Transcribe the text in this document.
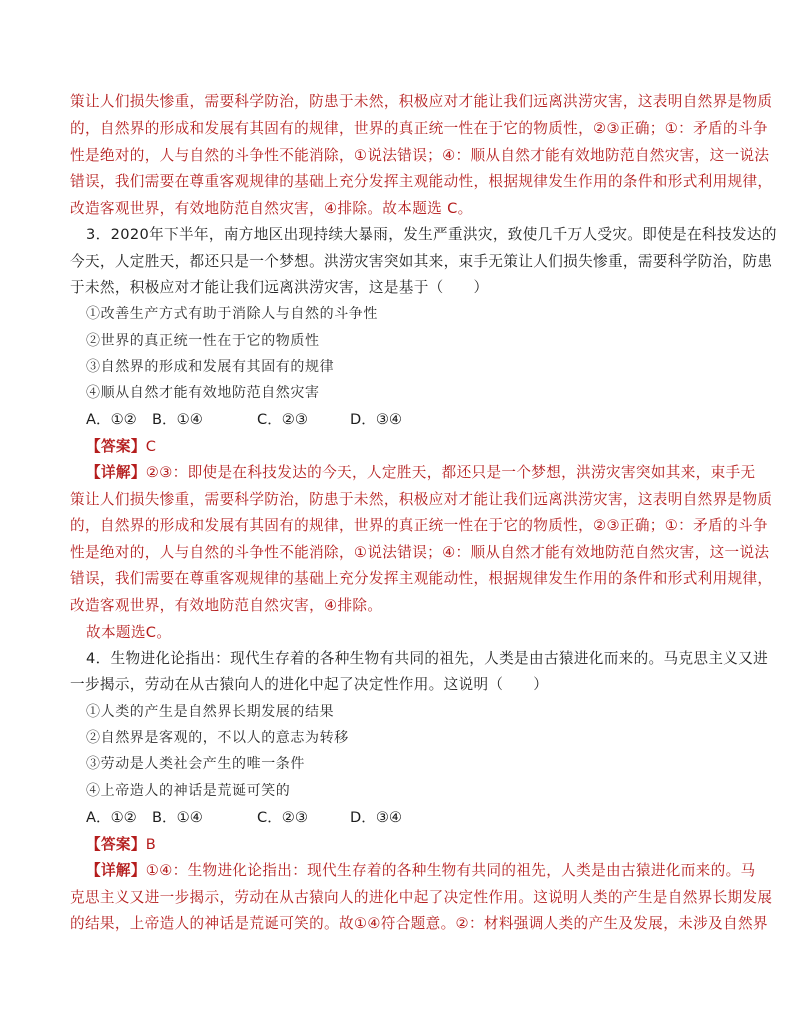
策让人们损失惨重，需要科学防治，防患于未然，积极应对才能让我们远离洪涝灾害，这表明自然界是物质
的，自然界的形成和发展有其固有的规律，世界的真正统一性在于它的物质性，②③正确；①：矛盾的斗争
性是绝对的，人与自然的斗争性不能消除，①说法错误；④：顺从自然才能有效地防范自然灾害，这一说法
错误，我们需要在尊重客观规律的基础上充分发挥主观能动性，根据规律发生作用的条件和形式利用规律，
改造客观世界，有效地防范自然灾害，④排除。故本题选 C。
3．2020年下半年，南方地区出现持续大暴雨，发生严重洪灾，致使几千万人受灾。即使是在科技发达的
今天，人定胜天，都还只是一个梦想。洪涝灾害突如其来，束手无策让人们损失惨重，需要科学防治，防患
于未然，积极应对才能让我们远离洪涝灾害，这是基于（　　）
①改善生产方式有助于消除人与自然的斗争性
②世界的真正统一性在于它的物质性
③自然界的形成和发展有其固有的规律
④顺从自然才能有效地防范自然灾害
A．①② B．①④	C．②③	D．③④
【答案】C
【详解】②③：即使是在科技发达的今天，人定胜天，都还只是一个梦想，洪涝灾害突如其来，束手无
策让人们损失惨重，需要科学防治，防患于未然，积极应对才能让我们远离洪涝灾害，这表明自然界是物质
的，自然界的形成和发展有其固有的规律，世界的真正统一性在于它的物质性，②③正确；①：矛盾的斗争
性是绝对的，人与自然的斗争性不能消除，①说法错误；④：顺从自然才能有效地防范自然灾害，这一说法
错误，我们需要在尊重客观规律的基础上充分发挥主观能动性，根据规律发生作用的条件和形式利用规律，
改造客观世界，有效地防范自然灾害，④排除。
故本题选C。
4．生物进化论指出：现代生存着的各种生物有共同的祖先，人类是由古猿进化而来的。马克思主义又进
一步揭示，劳动在从古猿向人的进化中起了决定性作用。这说明（　　）
①人类的产生是自然界长期发展的结果
②自然界是客观的，不以人的意志为转移
③劳动是人类社会产生的唯一条件
④上帝造人的神话是荒诞可笑的
A．①② B．①④	C．②③	D．③④
【答案】B
【详解】①④：生物进化论指出：现代生存着的各种生物有共同的祖先，人类是由古猿进化而来的。马
克思主义又进一步揭示，劳动在从古猿向人的进化中起了决定性作用。这说明人类的产生是自然界长期发展
的结果，上帝造人的神话是荒诞可笑的。故①④符合题意。②：材料强调人类的产生及发展，未涉及自然界
